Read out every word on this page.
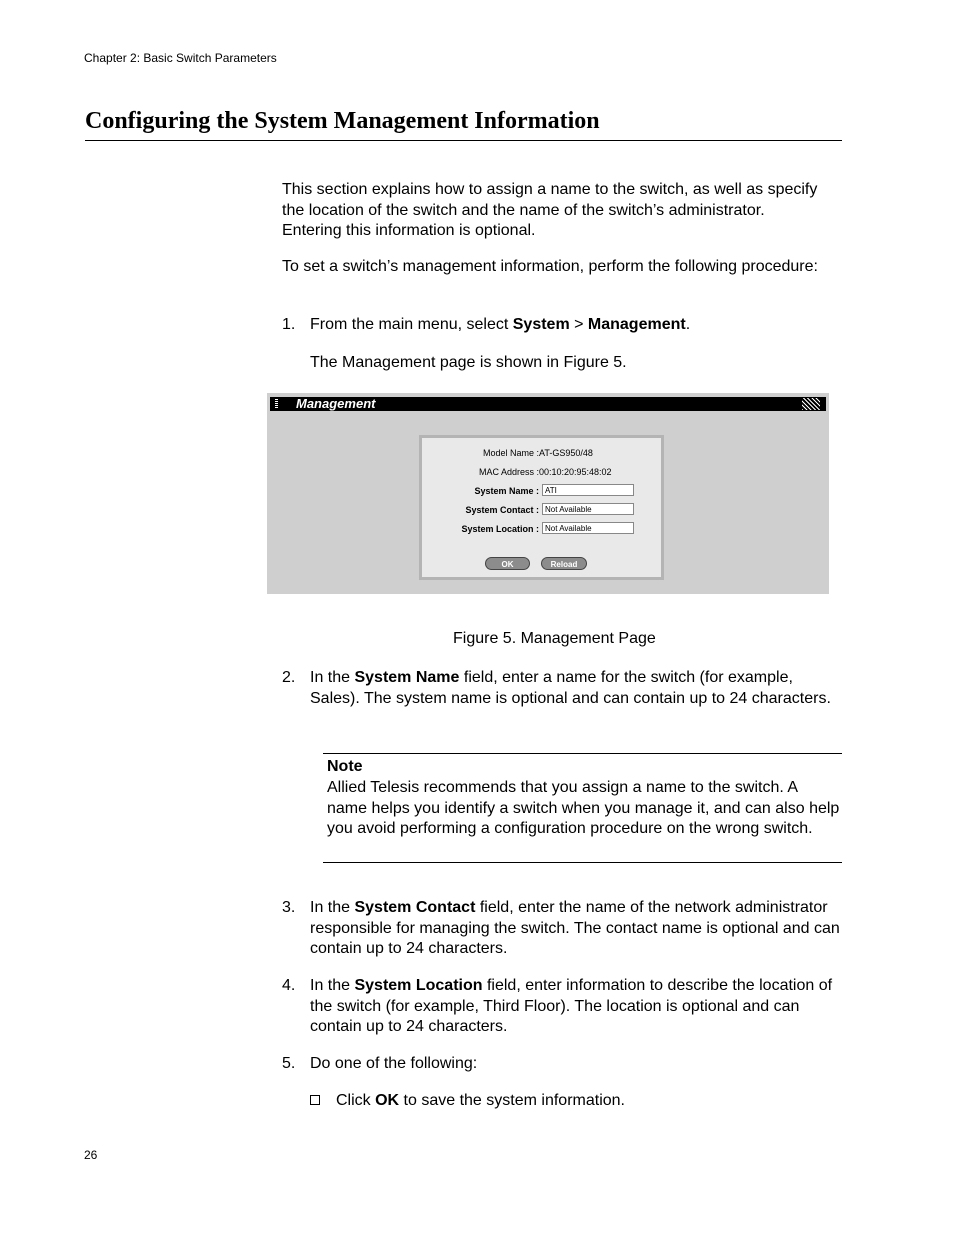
Chapter 2: Basic Switch Parameters
Configuring the System Management Information
This section explains how to assign a name to the switch, as well as specify the location of the switch and the name of the switch’s administrator. Entering this information is optional.
To set a switch’s management information, perform the following procedure:
1. From the main menu, select System > Management.
The Management page is shown in Figure 5.
Management
Model Name : AT-GS950/48
MAC Address : 00:10:20:95:48:02
System Name : ATI
System Contact : Not Available
System Location : Not Available
OK	Reload
Figure 5. Management Page
2. In the System Name field, enter a name for the switch (for example, Sales). The system name is optional and can contain up to 24 characters.
Note
Allied Telesis recommends that you assign a name to the switch. A name helps you identify a switch when you manage it, and can also help you avoid performing a configuration procedure on the wrong switch.
3. In the System Contact field, enter the name of the network administrator responsible for managing the switch. The contact name is optional and can contain up to 24 characters.
4. In the System Location field, enter information to describe the location of the switch (for example, Third Floor). The location is optional and can contain up to 24 characters.
5. Do one of the following:
Click OK to save the system information.
26
